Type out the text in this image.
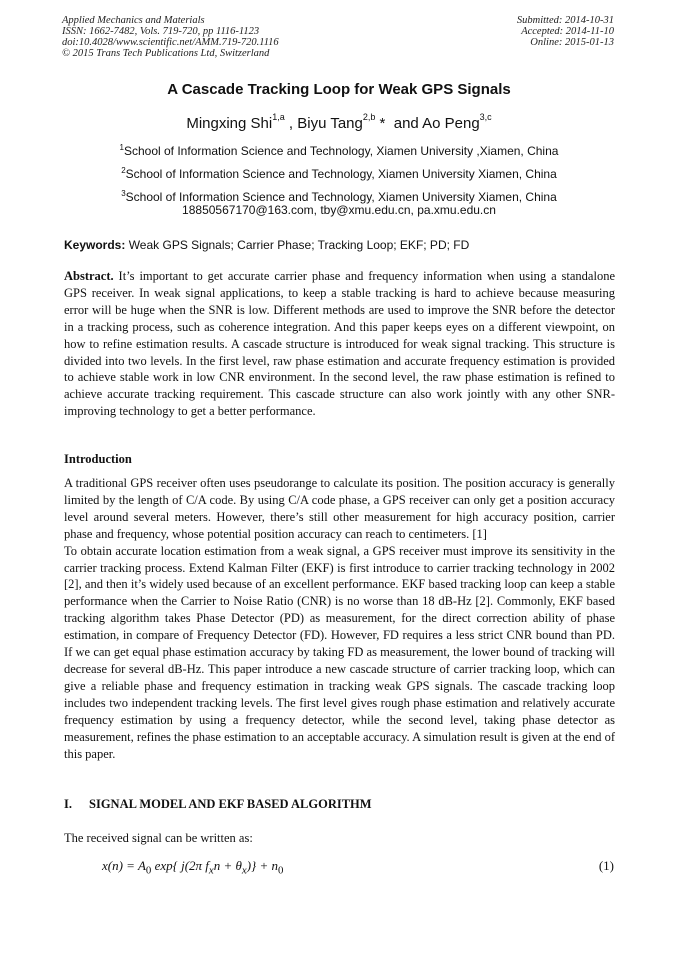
Applied Mechanics and Materials
ISSN: 1662-7482, Vols. 719-720, pp 1116-1123
doi:10.4028/www.scientific.net/AMM.719-720.1116
© 2015 Trans Tech Publications Ltd, Switzerland
Submitted: 2014-10-31
Accepted: 2014-11-10
Online: 2015-01-13
A Cascade Tracking Loop for Weak GPS Signals
Mingxing Shi$^{1,a}$ , Biyu Tang$^{2,b}$ *  and Ao Peng$^{3,c}$
$^1$School of Information Science and Technology, Xiamen University ,Xiamen, China
$^2$School of Information Science and Technology, Xiamen University Xiamen, China
$^3$School of Information Science and Technology, Xiamen University Xiamen, China
18850567170@163.com, tby@xmu.edu.cn, pa.xmu.edu.cn
Keywords: Weak GPS Signals; Carrier Phase; Tracking Loop; EKF; PD; FD
Abstract. It’s important to get accurate carrier phase and frequency information when using a standalone GPS receiver. In weak signal applications, to keep a stable tracking is hard to achieve because measuring error will be huge when the SNR is low. Different methods are used to improve the SNR before the detector in a tracking process, such as coherence integration. And this paper keeps eyes on a different viewpoint, on how to refine estimation results. A cascade structure is introduced for weak signal tracking. This structure is divided into two levels. In the first level, raw phase estimation and accurate frequency estimation is provided to achieve stable work in low CNR environment. In the second level, the raw phase estimation is refined to achieve accurate tracking requirement. This cascade structure can also work jointly with any other SNR-improving technology to get a better performance.
Introduction

A traditional GPS receiver often uses pseudorange to calculate its position. The position accuracy is generally limited by the length of C/A code. By using C/A code phase, a GPS receiver can only get a position accuracy level around several meters. However, there’s still other measurement for high accuracy position, carrier phase and frequency, whose potential position accuracy can reach to centimeters. [1]

To obtain accurate location estimation from a weak signal, a GPS receiver must improve its sensitivity in the carrier tracking process. Extend Kalman Filter (EKF) is first introduce to carrier tracking technology in 2002 [2], and then it’s widely used because of an excellent performance. EKF based tracking loop can keep a stable performance when the Carrier to Noise Ratio (CNR) is no worse than 18 dB-Hz [2]. Commonly, EKF based tracking algorithm takes Phase Detector (PD) as measurement, for the direct correction ability of phase estimation, in compare of Frequency Detector (FD). However, FD requires a less strict CNR bound than PD. If we can get equal phase estimation accuracy by taking FD as measurement, the lower bound of tracking will decrease for several dB-Hz. This paper introduce a new cascade structure of carrier tracking loop, which can give a reliable phase and frequency estimation in tracking weak GPS signals. The cascade tracking loop includes two independent tracking levels. The first level gives rough phase estimation and relatively accurate frequency estimation by using a frequency detector, while the second level, taking phase detector as measurement, refines the phase estimation to an acceptable accuracy. A simulation result is given at the end of this paper.

I. SIGNAL MODEL AND EKF BASED ALGORITHM
The received signal can be written as:
$x(n) = A_0$ exp{ j(2π $f_xn + \theta_x)\} + n_0$	(1)
